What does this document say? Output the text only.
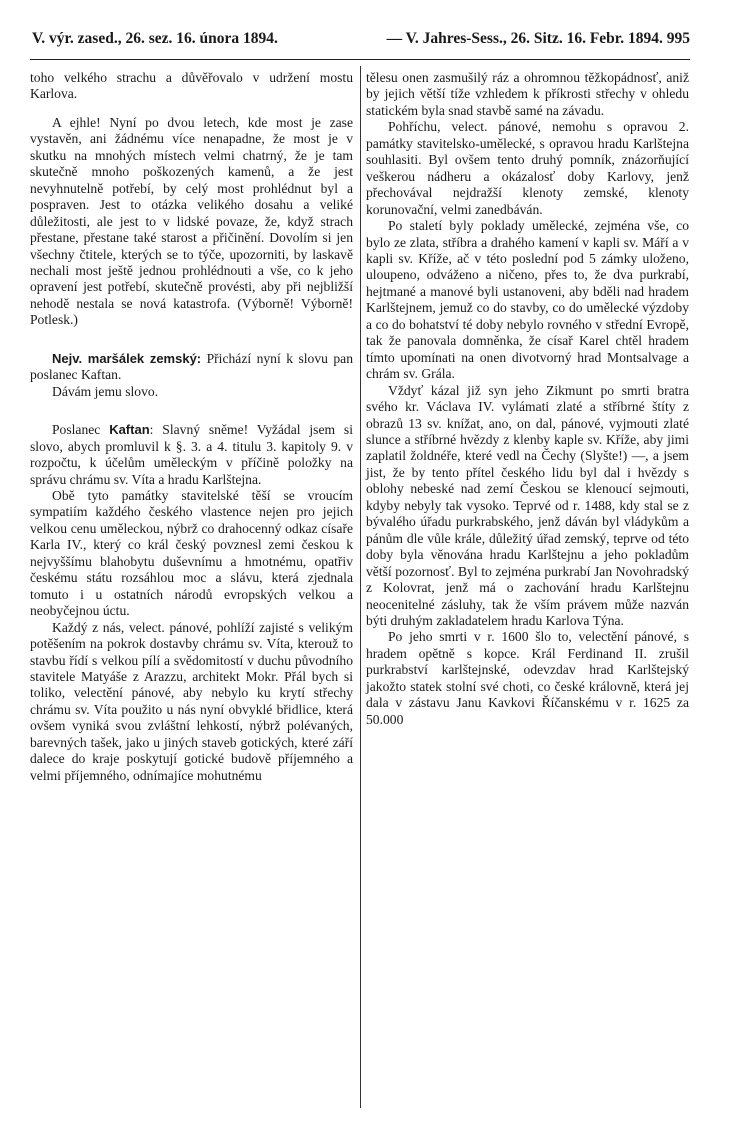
V. výr. zased., 26. sez. 16. února 1894.	— V. Jahres-Sess., 26. Sitz. 16. Febr. 1894. 995

toho velkého strachu a důvěřovalo v udržení mostu Karlova.

A ejhle! Nyní po dvou letech, kde most je zase vystavěn, ani žádnému více nenapadne, že most je v skutku na mnohých místech velmi chatrný, že je tam skutečně mnoho poškozených kamenů, a že jest nevyhnutelně potřebí, by celý most prohlédnut byl a pospraven. Jest to otázka velikého dosahu a veliké důležitosti, ale jest to v lidské povaze, že, když strach přestane, přestane také starost a přičinění. Dovolím si jen všechny čtitele, kterých se to týče, upozorniti, by laskavě nechali most ještě jednou prohlédnouti a vše, co k jeho opravení jest potřebí, skutečně provésti, aby při nejbližší nehodě nestala se nová katastrofa. (Výborně! Výborně! Potlesk.)

Nejv. maršálek zemský: Přichází nyní k slovu pan poslanec Kaftan.

Dávám jemu slovo.

Poslanec Kaftan: Slavný sněme! Vyžádal jsem si slovo, abych promluvil k §. 3. a 4. titulu 3. kapitoly 9. v rozpočtu, k účelům uměleckým v příčině položky na správu chrámu sv. Víta a hradu Karlštejna.

Obě tyto památky stavitelské těší se vroucím sympatiím každého českého vlastence nejen pro jejich velkou cenu uměleckou, nýbrž co drahocenný odkaz císaře Karla IV., který co král český povznesl zemi českou k nejvyššímu blahobytu duševnímu a hmotnému, opatřiv českému státu rozsáhlou moc a slávu, která zjednala tomuto i u ostatních národů evropských velkou a neobyčejnou úctu.

Každý z nás, velect. pánové, pohlíží zajisté s velikým potěšením na pokrok dostavby chrámu sv. Víta, kterouž to stavbu řídí s velkou pílí a svědomitostí v duchu původního stavitele Matyáše z Arazzu, architekt Mokr. Přál bych si toliko, velectění pánové, aby nebylo ku krytí střechy chrámu sv. Víta použito u nás nyní obvyklé břidlice, která ovšem vyniká svou zvláštní lehkostí, nýbrž polévaných, barevných tašek, jako u jiných staveb gotických, které září dalece do kraje poskytují gotické budově příjemného a velmi příjemného, odnímajíce mohutnému

tělesu onen zasmušilý ráz a ohromnou těžkopádnosť, aniž by jejich větší tíže vzhledem k příkrosti střechy v ohledu statickém byla snad stavbě samé na závadu.

Pohříchu, velect. pánové, nemohu s opravou 2. památky stavitelsko-umělecké, s opravou hradu Karlštejna souhlasiti. Byl ovšem tento druhý pomník, znázorňující veškerou nádheru a okázalosť doby Karlovy, jenž přechovával nejdražší klenoty zemské, klenoty korunovační, velmi zanedbáván.

Po staletí byly poklady umělecké, zejména vše, co bylo ze zlata, stříbra a drahého kamení v kapli sv. Máří a v kapli sv. Kříže, ač v této poslední pod 5 zámky uloženo, uloupeno, odváženo a ničeno, přes to, že dva purkrabí, hejtmané a manové byli ustanoveni, aby bděli nad hradem Karlštejnem, jemuž co do stavby, co do umělecké výzdoby a co do bohatství té doby nebylo rovného v střední Evropě, tak že panovala domněnka, že císař Karel chtěl hradem tímto upomínati na onen divotvorný hrad Montsalvage a chrám sv. Grála.

Vždyť kázal již syn jeho Zikmunt po smrti bratra svého kr. Václava IV. vylámati zlaté a stříbrné štíty z obrazů 13 sv. knížat, ano, on dal, pánové, vyjmouti zlaté slunce a stříbrné hvězdy z klenby kaple sv. Kříže, aby jimi zaplatil žoldnéře, které vedl na Čechy (Slyšte!) —, a jsem jist, že by tento přítel českého lidu byl dal i hvězdy s oblohy nebeské nad zemí Českou se klenoucí sejmouti, kdyby nebyly tak vysoko. Teprvé od r. 1488, kdy stal se z bývalého úřadu purkrabského, jenž dáván byl vládykům a pánům dle vůle krále, důležitý úřad zemský, teprve od této doby byla věnována hradu Karlštejnu a jeho pokladům větší pozornosť. Byl to zejména purkrabí Jan Novohradský z Kolovrat, jenž má o zachování hradu Karlštejnu neocenitelné zásluhy, tak že vším právem může nazván býti druhým zakladatelem hradu Karlova Týna.

Po jeho smrti v r. 1600 šlo to, velectění pánové, s hradem opětně s kopce. Král Ferdinand II. zrušil purkrabství karlštejnské, odevzdav hrad Karlštejský jakožto statek stolní své choti, co české královně, která jej dala v zástavu Janu Kavkovi Říčanskému v r. 1625 za 50.000
